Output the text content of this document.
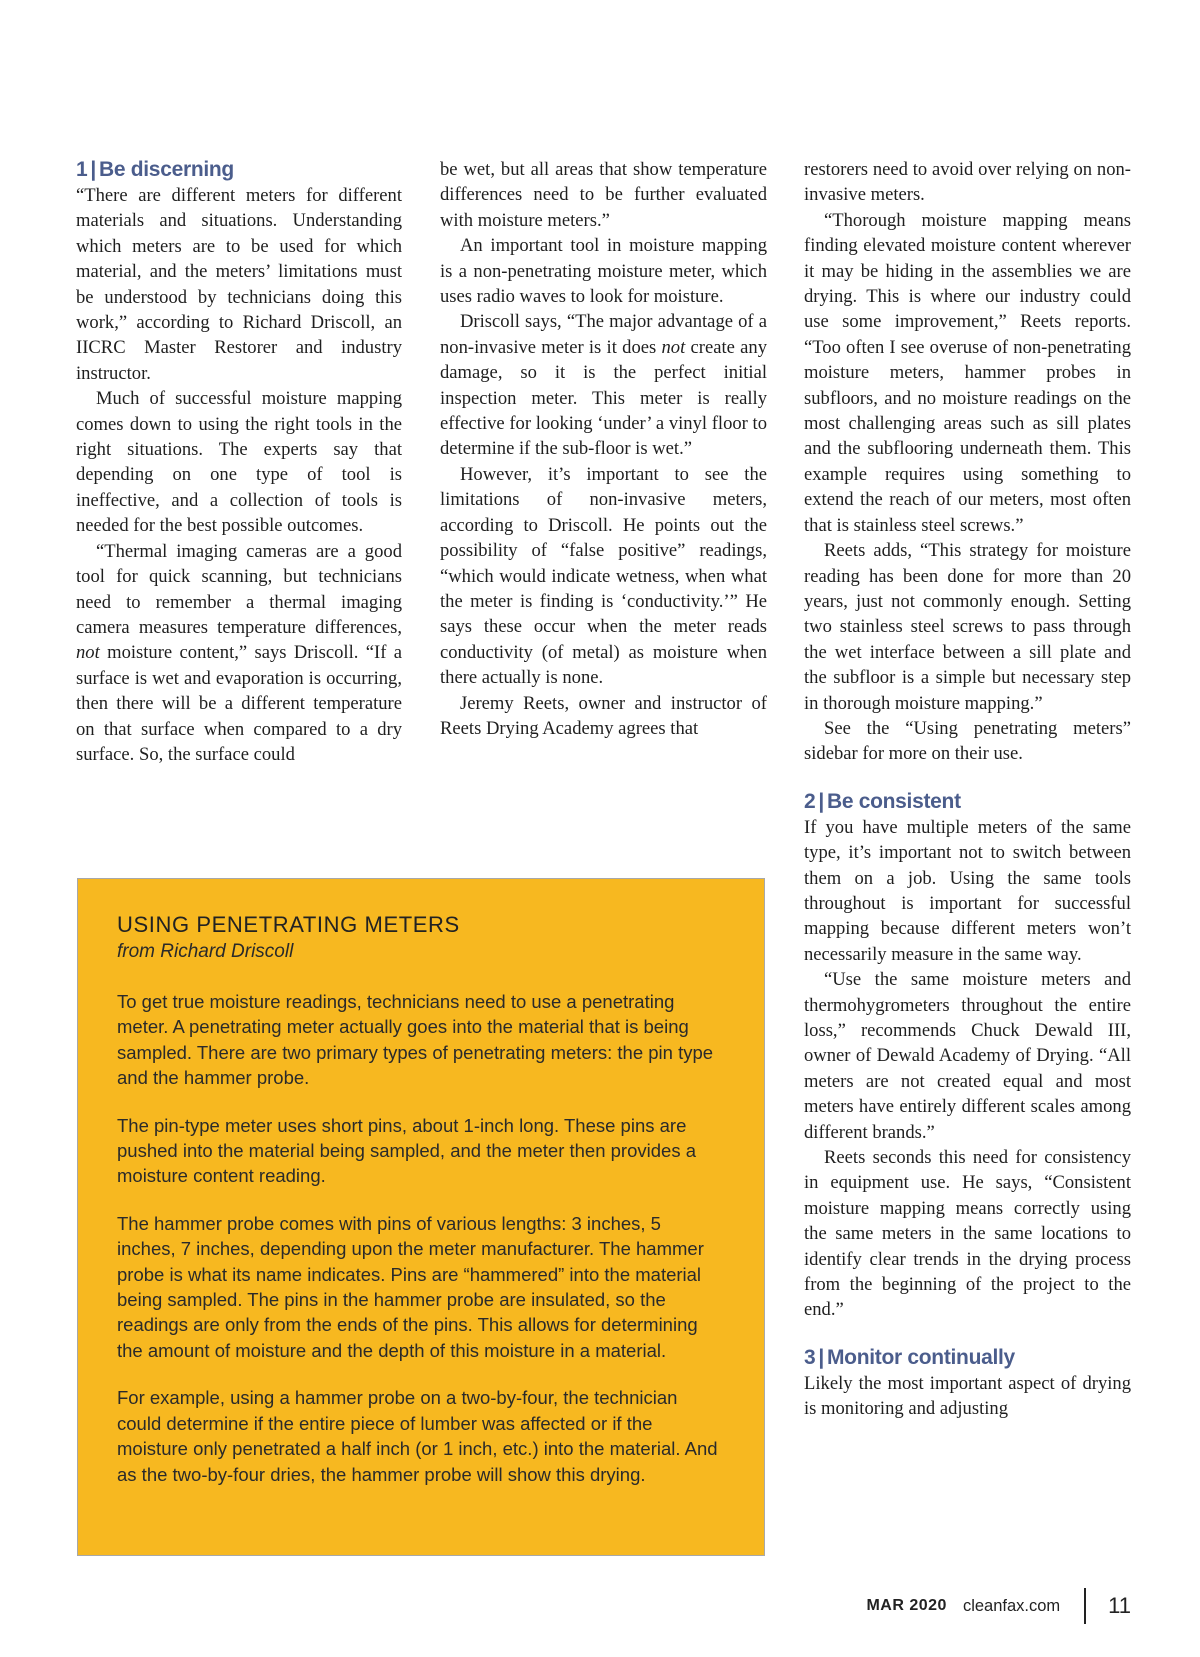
1 | Be discerning

“There are different meters for different materials and situations. Understanding which meters are to be used for which material, and the meters’ limitations must be understood by technicians doing this work,” according to Richard Driscoll, an IICRC Master Restorer and industry instructor.

Much of successful moisture mapping comes down to using the right tools in the right situations. The experts say that depending on one type of tool is ineffective, and a collection of tools is needed for the best possible outcomes.

“Thermal imaging cameras are a good tool for quick scanning, but technicians need to remember a thermal imaging camera measures temperature differences, not moisture content,” says Driscoll. “If a surface is wet and evaporation is occurring, then there will be a different temperature on that surface when compared to a dry surface. So, the surface could

be wet, but all areas that show temperature differences need to be further evaluated with moisture meters.”

An important tool in moisture mapping is a non-penetrating moisture meter, which uses radio waves to look for moisture.

Driscoll says, “The major advantage of a non-invasive meter is it does not create any damage, so it is the perfect initial inspection meter. This meter is really effective for looking ‘under’ a vinyl floor to determine if the sub-floor is wet.”

However, it’s important to see the limitations of non-invasive meters, according to Driscoll. He points out the possibility of “false positive” readings, “which would indicate wetness, when what the meter is finding is ‘conductivity.’” He says these occur when the meter reads conductivity (of metal) as moisture when there actually is none.

Jeremy Reets, owner and instructor of Reets Drying Academy agrees that

restorers need to avoid over relying on non-invasive meters.

“Thorough moisture mapping means finding elevated moisture content wherever it may be hiding in the assemblies we are drying. This is where our industry could use some improvement,” Reets reports. “Too often I see overuse of non-penetrating moisture meters, hammer probes in subfloors, and no moisture readings on the most challenging areas such as sill plates and the subflooring underneath them. This example requires using something to extend the reach of our meters, most often that is stainless steel screws.”

Reets adds, “This strategy for moisture reading has been done for more than 20 years, just not commonly enough. Setting two stainless steel screws to pass through the wet interface between a sill plate and the subfloor is a simple but necessary step in thorough moisture mapping.”

See the “Using penetrating meters” sidebar for more on their use.

2 | Be consistent

If you have multiple meters of the same type, it’s important not to switch between them on a job. Using the same tools throughout is important for successful mapping because different meters won’t necessarily measure in the same way.

“Use the same moisture meters and thermohygrometers throughout the entire loss,” recommends Chuck Dewald III, owner of Dewald Academy of Drying. “All meters are not created equal and most meters have entirely different scales among different brands.”

Reets seconds this need for consistency in equipment use. He says, “Consistent moisture mapping means correctly using the same meters in the same locations to identify clear trends in the drying process from the beginning of the project to the end.”

3 | Monitor continually

Likely the most important aspect of drying is monitoring and adjusting

USING PENETRATING METERS

from Richard Driscoll

To get true moisture readings, technicians need to use a penetrating meter. A penetrating meter actually goes into the material that is being sampled. There are two primary types of penetrating meters: the pin type and the hammer probe.

The pin-type meter uses short pins, about 1-inch long. These pins are pushed into the material being sampled, and the meter then provides a moisture content reading.

The hammer probe comes with pins of various lengths: 3 inches, 5 inches, 7 inches, depending upon the meter manufacturer. The hammer probe is what its name indicates. Pins are “hammered” into the material being sampled. The pins in the hammer probe are insulated, so the readings are only from the ends of the pins. This allows for determining the amount of moisture and the depth of this moisture in a material.

For example, using a hammer probe on a two-by-four, the technician could determine if the entire piece of lumber was affected or if the moisture only penetrated a half inch (or 1 inch, etc.) into the material. And as the two-by-four dries, the hammer probe will show this drying.

MAR 2020 cleanfax.com 11
